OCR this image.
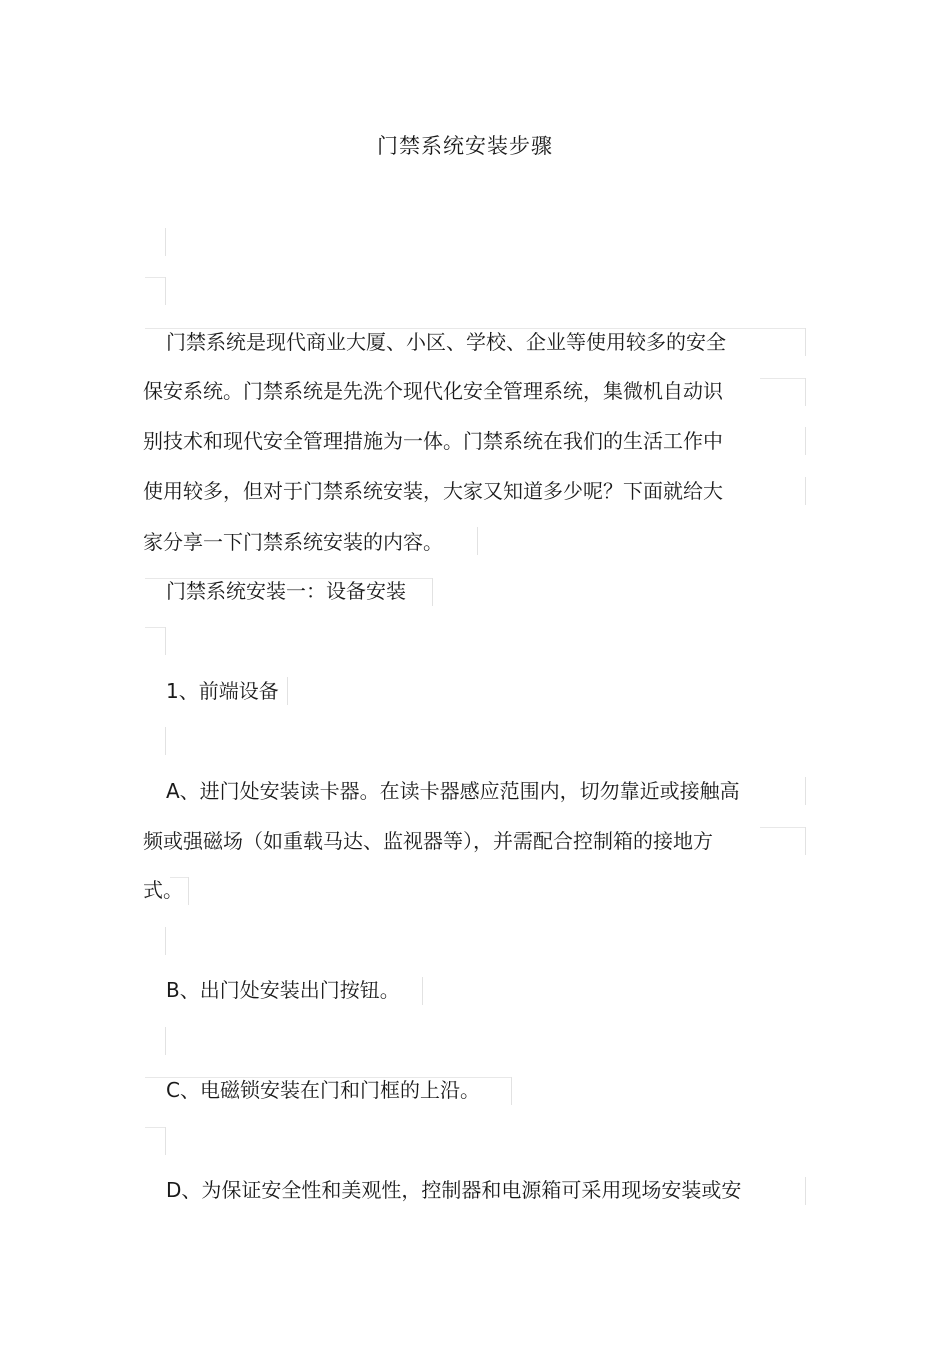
门禁系统安装步骤
门禁系统是现代商业大厦、小区、学校、企业等使用较多的安全
保安系统。门禁系统是先洗个现代化安全管理系统，集微机自动识
别技术和现代安全管理措施为一体。门禁系统在我们的生活工作中
使用较多，但对于门禁系统安装，大家又知道多少呢？下面就给大
家分享一下门禁系统安装的内容。
门禁系统安装一：设备安装
1、前端设备
A、进门处安装读卡器。在读卡器感应范围内，切勿靠近或接触高
频或强磁场（如重载马达、监视器等），并需配合控制箱的接地方
式。
B、出门处安装出门按钮。
C、电磁锁安装在门和门框的上沿。
D、为保证安全性和美观性，控制器和电源箱可采用现场安装或安
